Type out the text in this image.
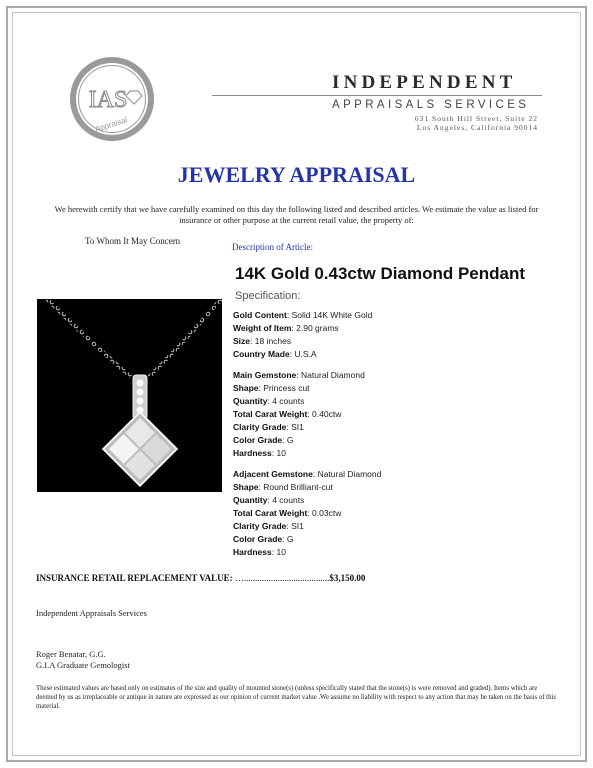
IAS
Appraisal
INDEPENDENT
APPRAISALS SERVICES
631 South Hill Street, Suite 22
Los Angeles, California 90014
JEWELRY APPRAISAL
We herewith certify that we have carefully examined on this day the following listed and described articles. We estimate the value as listed for insurance or other purpose at the current retail value, the property of:
To Whom It May Concern
Description of Article:
14K Gold 0.43ctw Diamond Pendant
Specification:
Gold Content: Solid 14K White Gold
Weight of Item: 2.90 grams
Size: 18 inches
Country Made: U.S.A
Main Gemstone: Natural Diamond
Shape: Princess cut
Quantity: 4 counts
Total Carat Weight: 0.40ctw
Clarity Grade: SI1
Color Grade: G
Hardness: 10
Adjacent Gemstone: Natural Diamond
Shape: Round Brilliant-cut
Quantity: 4 counts
Total Carat Weight: 0.03ctw
Clarity Grade: SI1
Color Grade: G
Hardness: 10
INSURANCE RETAIL REPLACEMENT VALUE: …......................................$3,150.00
Independent Appraisals Services
Roger Benatar, G.G.
G.I.A Graduate Gemologist
These estimated values are based only on estimates of the size and quality of mounted stone(s) (unless specifically stated that the stone(s) is were removed and graded). Items which are deemed by us as irreplaceable or antique in nature are expressed as our opinion of current market value .We assume no liability with respect to any action that may be taken on the basis of this material.
